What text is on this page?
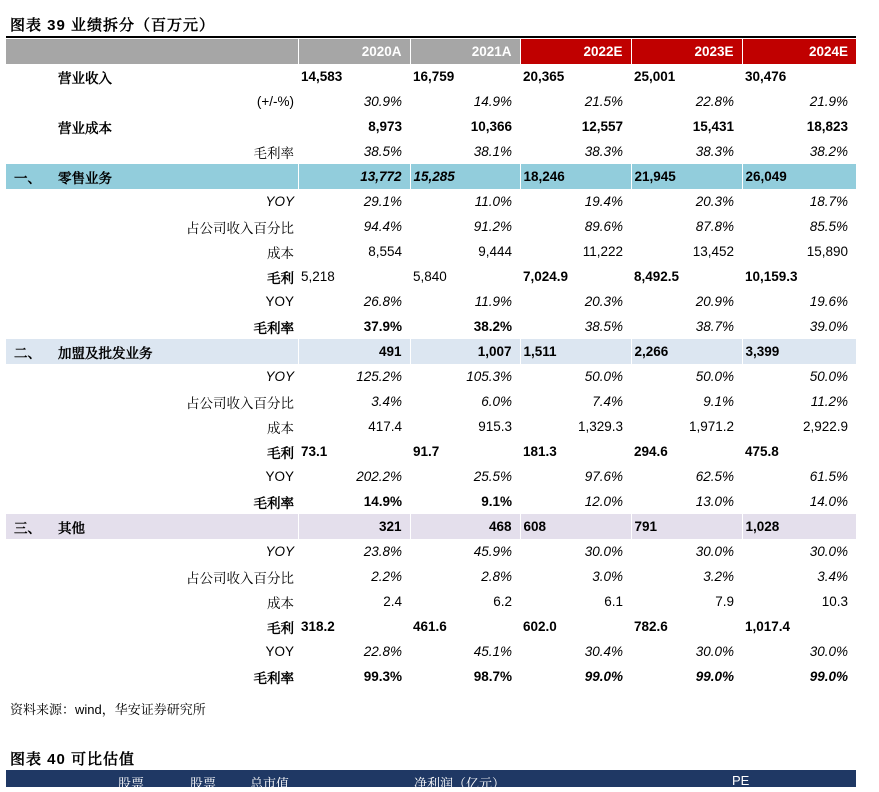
图表 39 业绩拆分（百万元）
		2020A	2021A	2022E	2023E	2024E
	营业收入	14,583	16,759	20,365	25,001	30,476
	(+/-%)	30.9%	14.9%	21.5%	22.8%	21.9%
	营业成本	8,973	10,366	12,557	15,431	18,823
	毛利率	38.5%	38.1%	38.3%	38.3%	38.2%
一、	零售业务	13,772	15,285	18,246	21,945	26,049
	YOY	29.1%	11.0%	19.4%	20.3%	18.7%
	占公司收入百分比	94.4%	91.2%	89.6%	87.8%	85.5%
	成本	8,554	9,444	11,222	13,452	15,890
	毛利	5,218	5,840	7,024.9	8,492.5	10,159.3
	YOY	26.8%	11.9%	20.3%	20.9%	19.6%
	毛利率	37.9%	38.2%	38.5%	38.7%	39.0%
二、	加盟及批发业务	491	1,007	1,511	2,266	3,399
	YOY	125.2%	105.3%	50.0%	50.0%	50.0%
	占公司收入百分比	3.4%	6.0%	7.4%	9.1%	11.2%
	成本	417.4	915.3	1,329.3	1,971.2	2,922.9
	毛利	73.1	91.7	181.3	294.6	475.8
	YOY	202.2%	25.5%	97.6%	62.5%	61.5%
	毛利率	14.9%	9.1%	12.0%	13.0%	14.0%
三、	其他	321	468	608	791	1,028
	YOY	23.8%	45.9%	30.0%	30.0%	30.0%
	占公司收入百分比	2.2%	2.8%	3.0%	3.2%	3.4%
	成本	2.4	6.2	6.1	7.9	10.3
	毛利	318.2	461.6	602.0	782.6	1,017.4
	YOY	22.8%	45.1%	30.4%	30.0%	30.0%
	毛利率	99.3%	98.7%	99.0%	99.0%	99.0%
资料来源：wind，华安证券研究所
图表 40 可比估值
股票	股票	总市值	净利润（亿元）	PE
